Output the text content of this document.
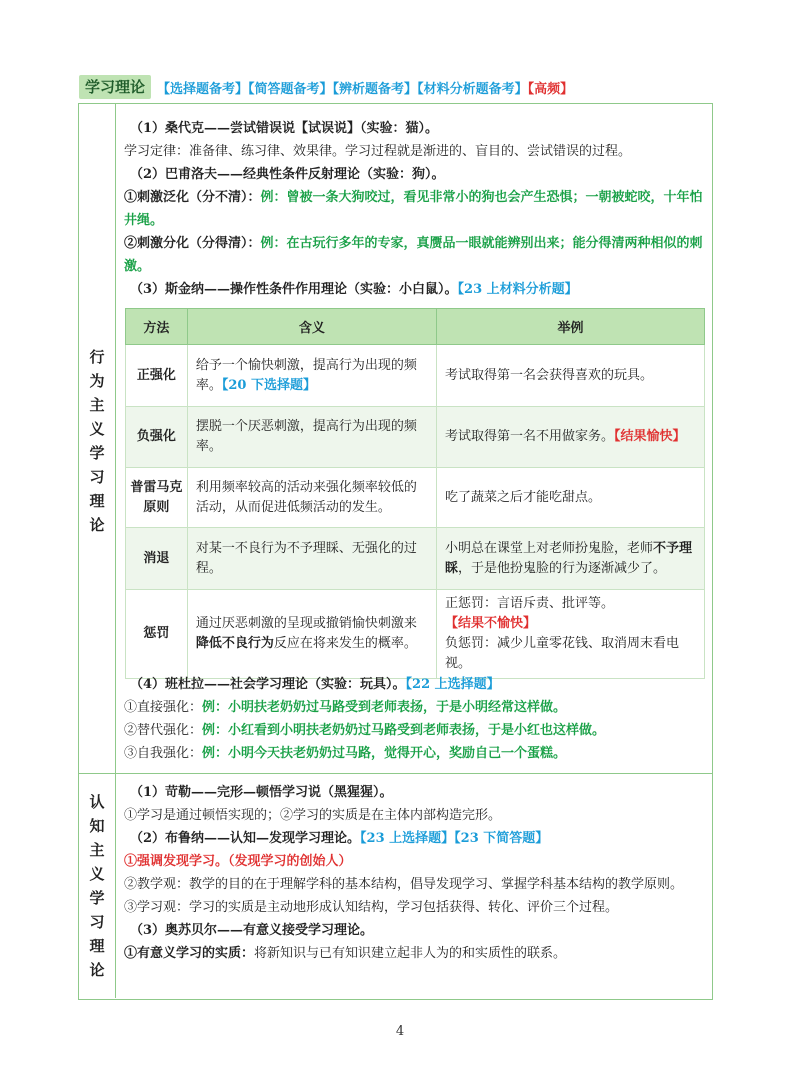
学习理论 【选择题备考】【简答题备考】【辨析题备考】【材料分析题备考】【高频】
行
为
主
义
学
习
理
论
（1）桑代克——尝试错误说【试误说】（实验：猫）。
学习定律：准备律、练习律、效果律。学习过程就是渐进的、盲目的、尝试错误的过程。
（2）巴甫洛夫——经典性条件反射理论（实验：狗）。
①刺激泛化（分不清）：例：曾被一条大狗咬过，看见非常小的狗也会产生恐惧；一朝被蛇咬，十年怕井绳。
②刺激分化（分得清）：例：在古玩行多年的专家，真赝品一眼就能辨别出来；能分得清两种相似的刺激。
（3）斯金纳——操作性条件作用理论（实验：小白鼠）。【23 上材料分析题】
方法	含义	举例
正强化	给予一个愉快刺激，提高行为出现的频率。【20 下选择题】	考试取得第一名会获得喜欢的玩具。
负强化	摆脱一个厌恶刺激，提高行为出现的频率。	考试取得第一名不用做家务。【结果愉快】
普雷马克原则	利用频率较高的活动来强化频率较低的活动，从而促进低频活动的发生。	吃了蔬菜之后才能吃甜点。
消退	对某一不良行为不予理睬、无强化的过程。	小明总在课堂上对老师扮鬼脸，老师不予理睬，于是他扮鬼脸的行为逐渐减少了。
惩罚	通过厌恶刺激的呈现或撤销愉快刺激来降低不良行为反应在将来发生的概率。	正惩罚：言语斥责、批评等。【结果不愉快】
负惩罚：减少儿童零花钱、取消周末看电视。
（4）班杜拉——社会学习理论（实验：玩具）。【22 上选择题】
①直接强化：例：小明扶老奶奶过马路受到老师表扬，于是小明经常这样做。
②替代强化：例：小红看到小明扶老奶奶过马路受到老师表扬，于是小红也这样做。
③自我强化：例：小明今天扶老奶奶过马路，觉得开心，奖励自己一个蛋糕。
认
知
主
义
学
习
理
论
（1）苛勒——完形—顿悟学习说（黑猩猩）。
①学习是通过顿悟实现的；②学习的实质是在主体内部构造完形。
（2）布鲁纳——认知—发现学习理论。【23 上选择题】【23 下简答题】
①强调发现学习。（发现学习的创始人）
②教学观：教学的目的在于理解学科的基本结构，倡导发现学习、掌握学科基本结构的教学原则。
③学习观：学习的实质是主动地形成认知结构，学习包括获得、转化、评价三个过程。
（3）奥苏贝尔——有意义接受学习理论。
①有意义学习的实质：将新知识与已有知识建立起非人为的和实质性的联系。
4
